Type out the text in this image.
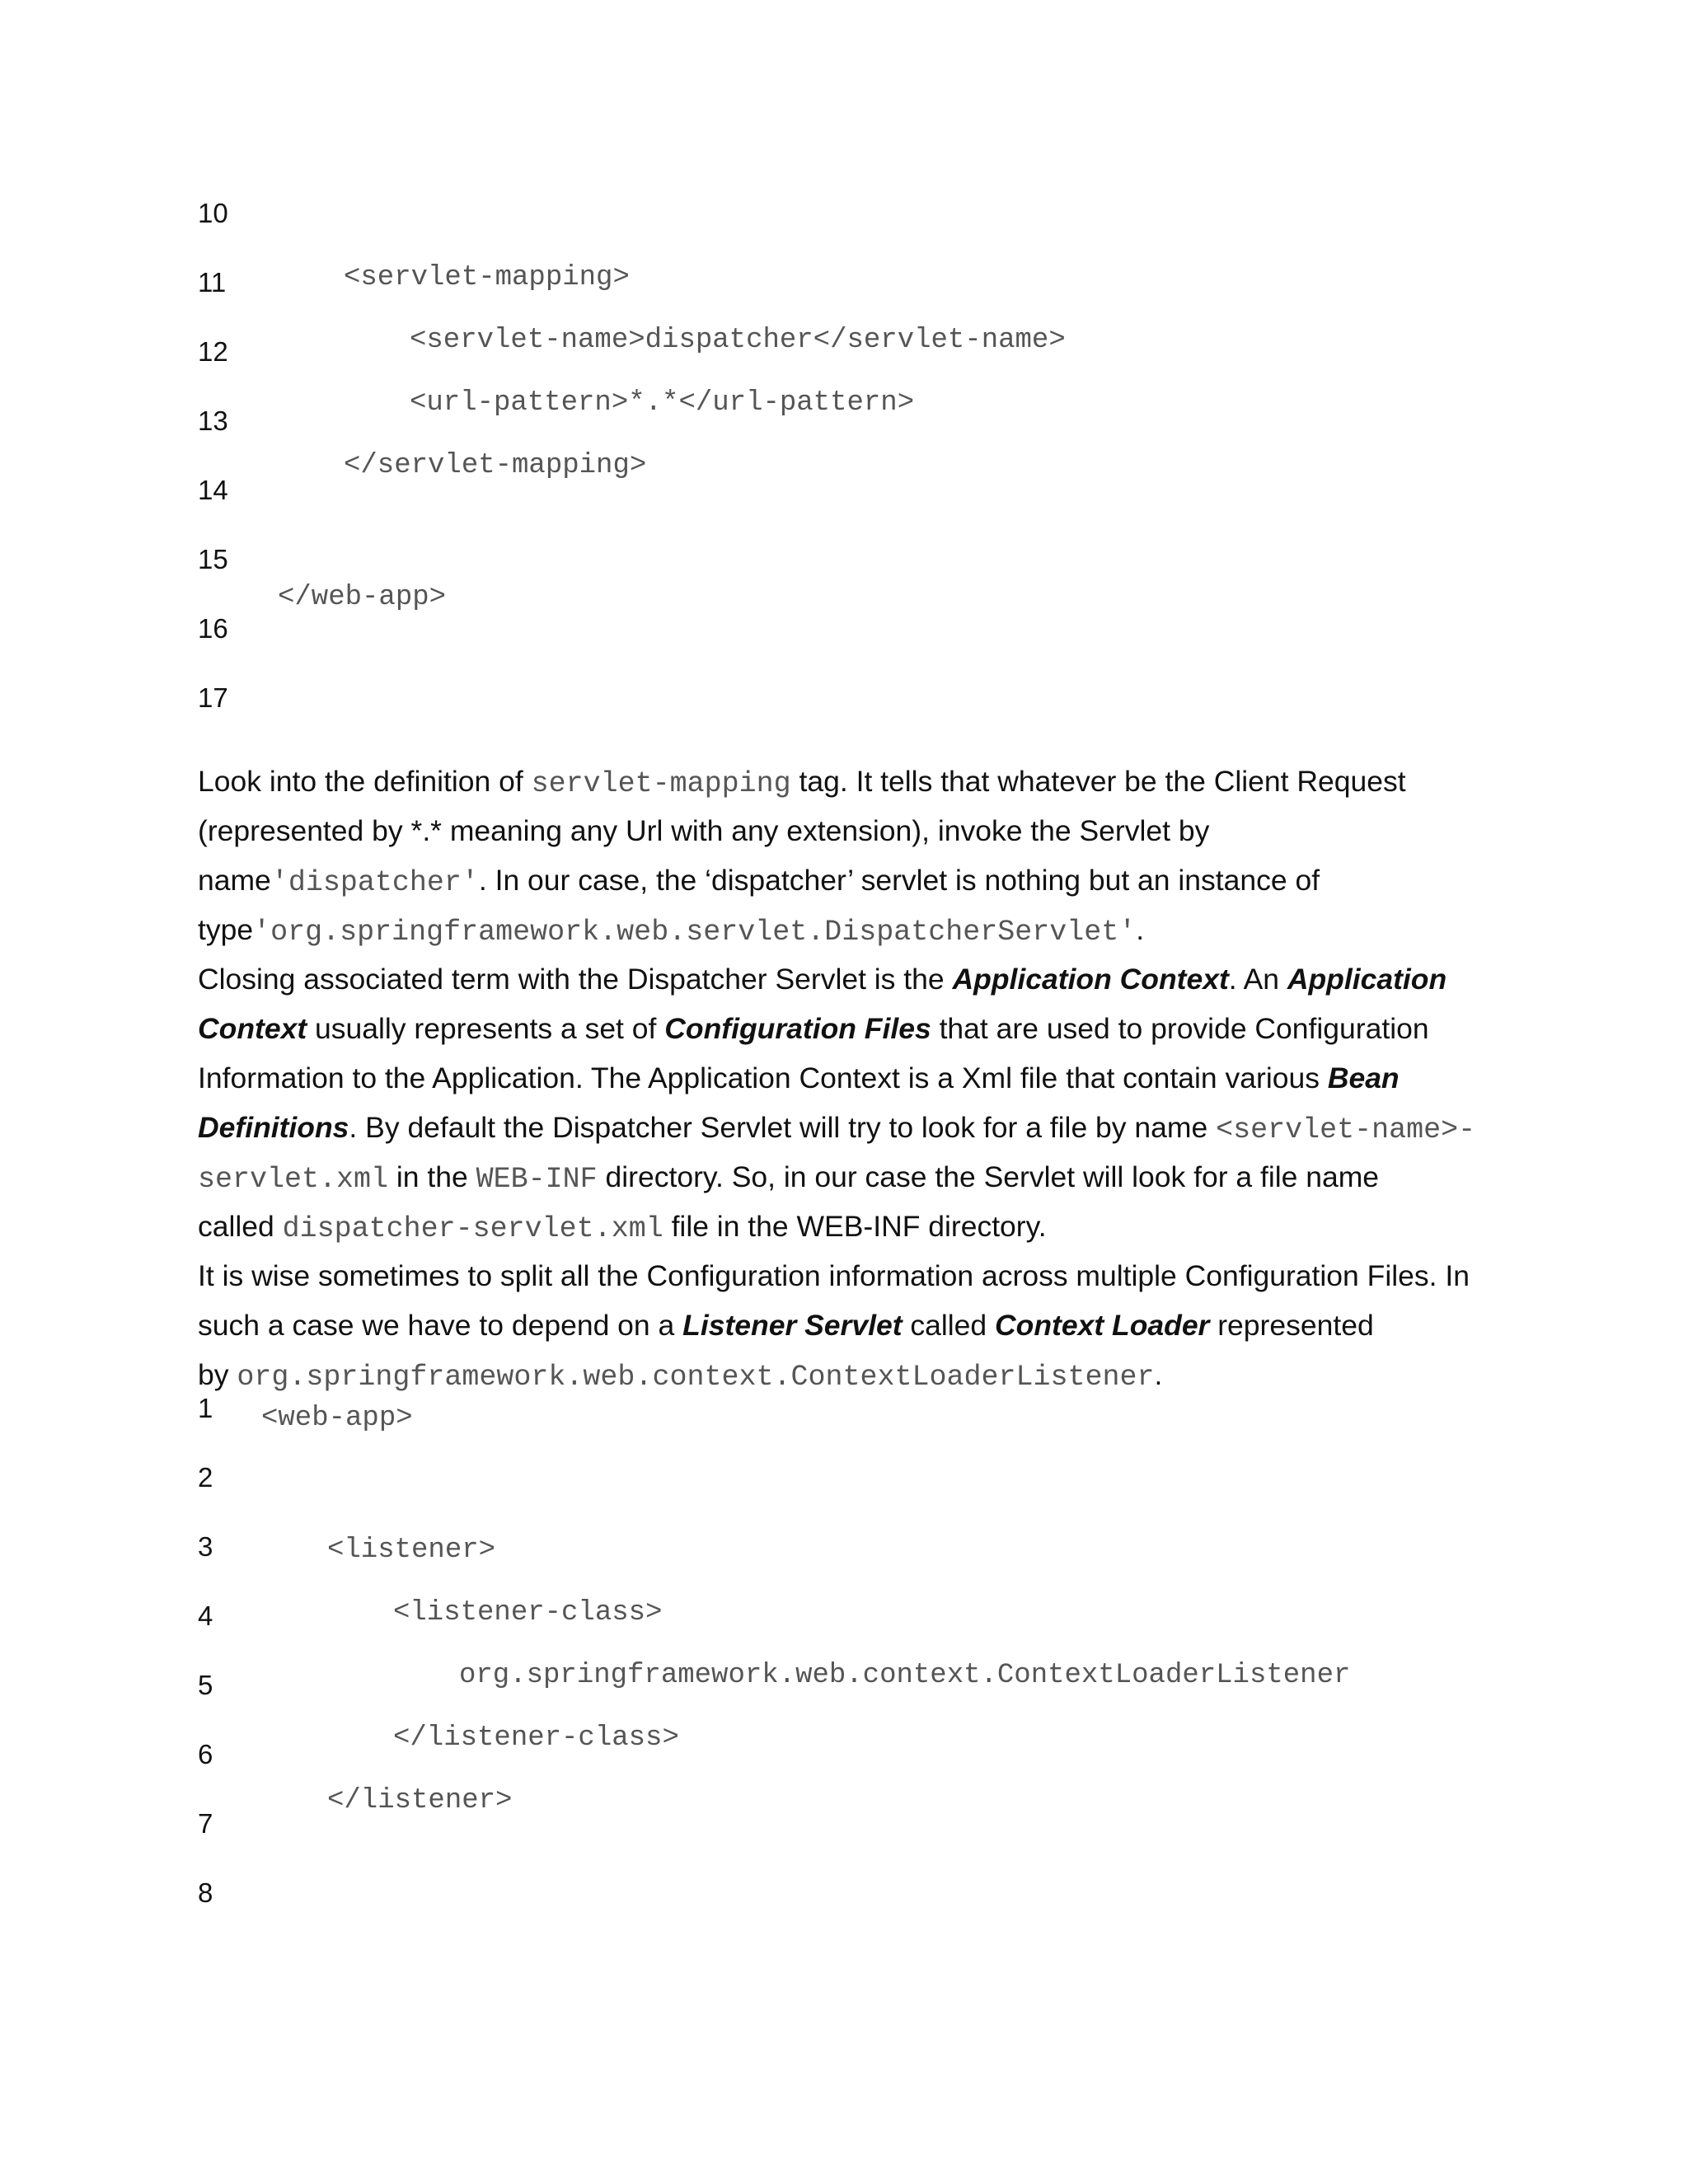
10
11
12
13
14
15
16
17
<servlet-mapping>
<servlet-name>dispatcher</servlet-name>
<url-pattern>*.*</url-pattern>
</servlet-mapping>
</web-app>
Look into the definition of servlet-mapping tag. It tells that whatever be the Client Request
(represented by *.* meaning any Url with any extension), invoke the Servlet by
name'dispatcher'. In our case, the ‘dispatcher’ servlet is nothing but an instance of
type'org.springframework.web.servlet.DispatcherServlet'.
Closing associated term with the Dispatcher Servlet is the Application Context. An Application
Context usually represents a set of Configuration Files that are used to provide Configuration
Information to the Application. The Application Context is a Xml file that contain various Bean
Definitions. By default the Dispatcher Servlet will try to look for a file by name <servlet-name>-
servlet.xml in the WEB-INF directory. So, in our case the Servlet will look for a file name
called dispatcher-servlet.xml file in the WEB-INF directory.
It is wise sometimes to split all the Configuration information across multiple Configuration Files. In
such a case we have to depend on a Listener Servlet called Context Loader represented
by org.springframework.web.context.ContextLoaderListener.
1
2
3
4
5
6
7
8
<web-app>
<listener>
<listener-class>
org.springframework.web.context.ContextLoaderListener
</listener-class>
</listener>
